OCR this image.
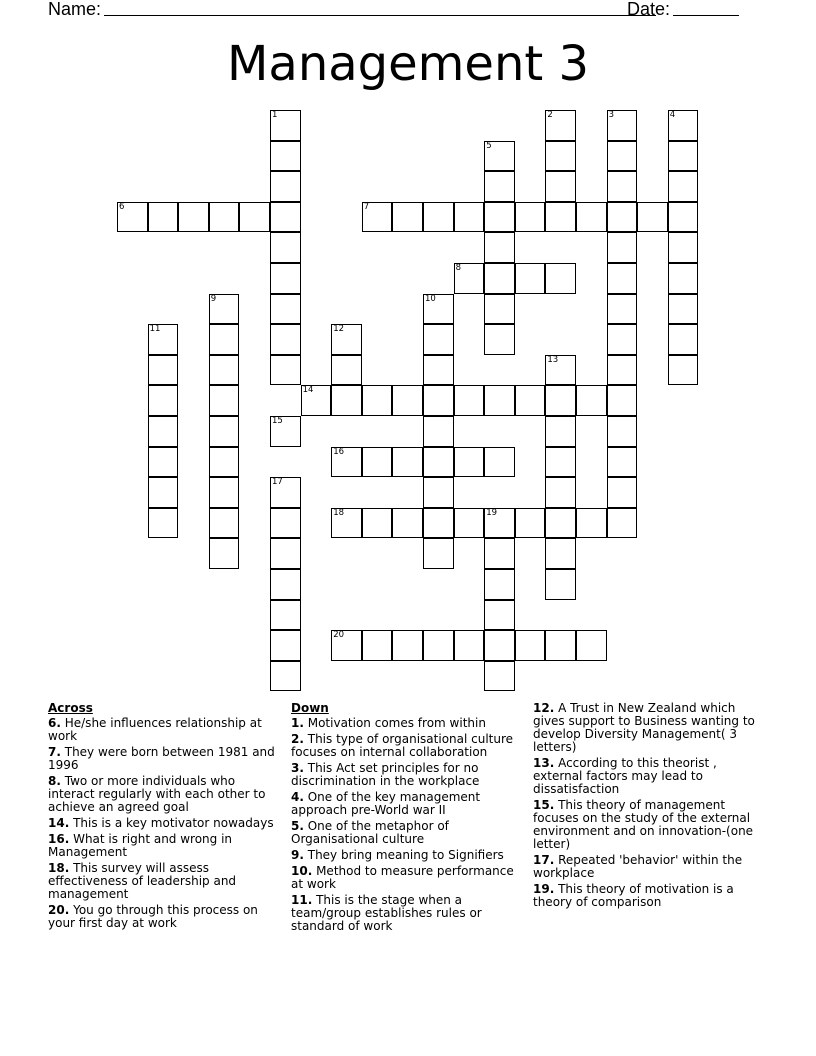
Name:	Date:
Management 3
6	7
8
14
16
18	19
20
1	2	3	4
5
9	10
11	12
13
15
17
Across
6. He/she influences relationship at work
7. They were born between 1981 and 1996
8. Two or more individuals who interact regularly with each other to achieve an agreed goal
14. This is a key motivator nowadays
16. What is right and wrong in Management
18. This survey will assess effectiveness of leadership and management
20. You go through this process on your first day at work
Down
1. Motivation comes from within
2. This type of organisational culture focuses on internal collaboration
3. This Act set principles for no discrimination in the workplace
4. One of the key management approach pre-World war II
5. One of the metaphor of Organisational culture
9. They bring meaning to Signifiers
10. Method to measure performance at work
11. This is the stage when a team/group establishes rules or standard of work
12. A Trust in New Zealand which gives support to Business wanting to develop Diversity Management( 3 letters)
13. According to this theorist , external factors may lead to dissatisfaction
15. This theory of management focuses on the study of the external environment and on innovation-(one letter)
17. Repeated 'behavior' within the workplace
19. This theory of motivation is a theory of comparison
